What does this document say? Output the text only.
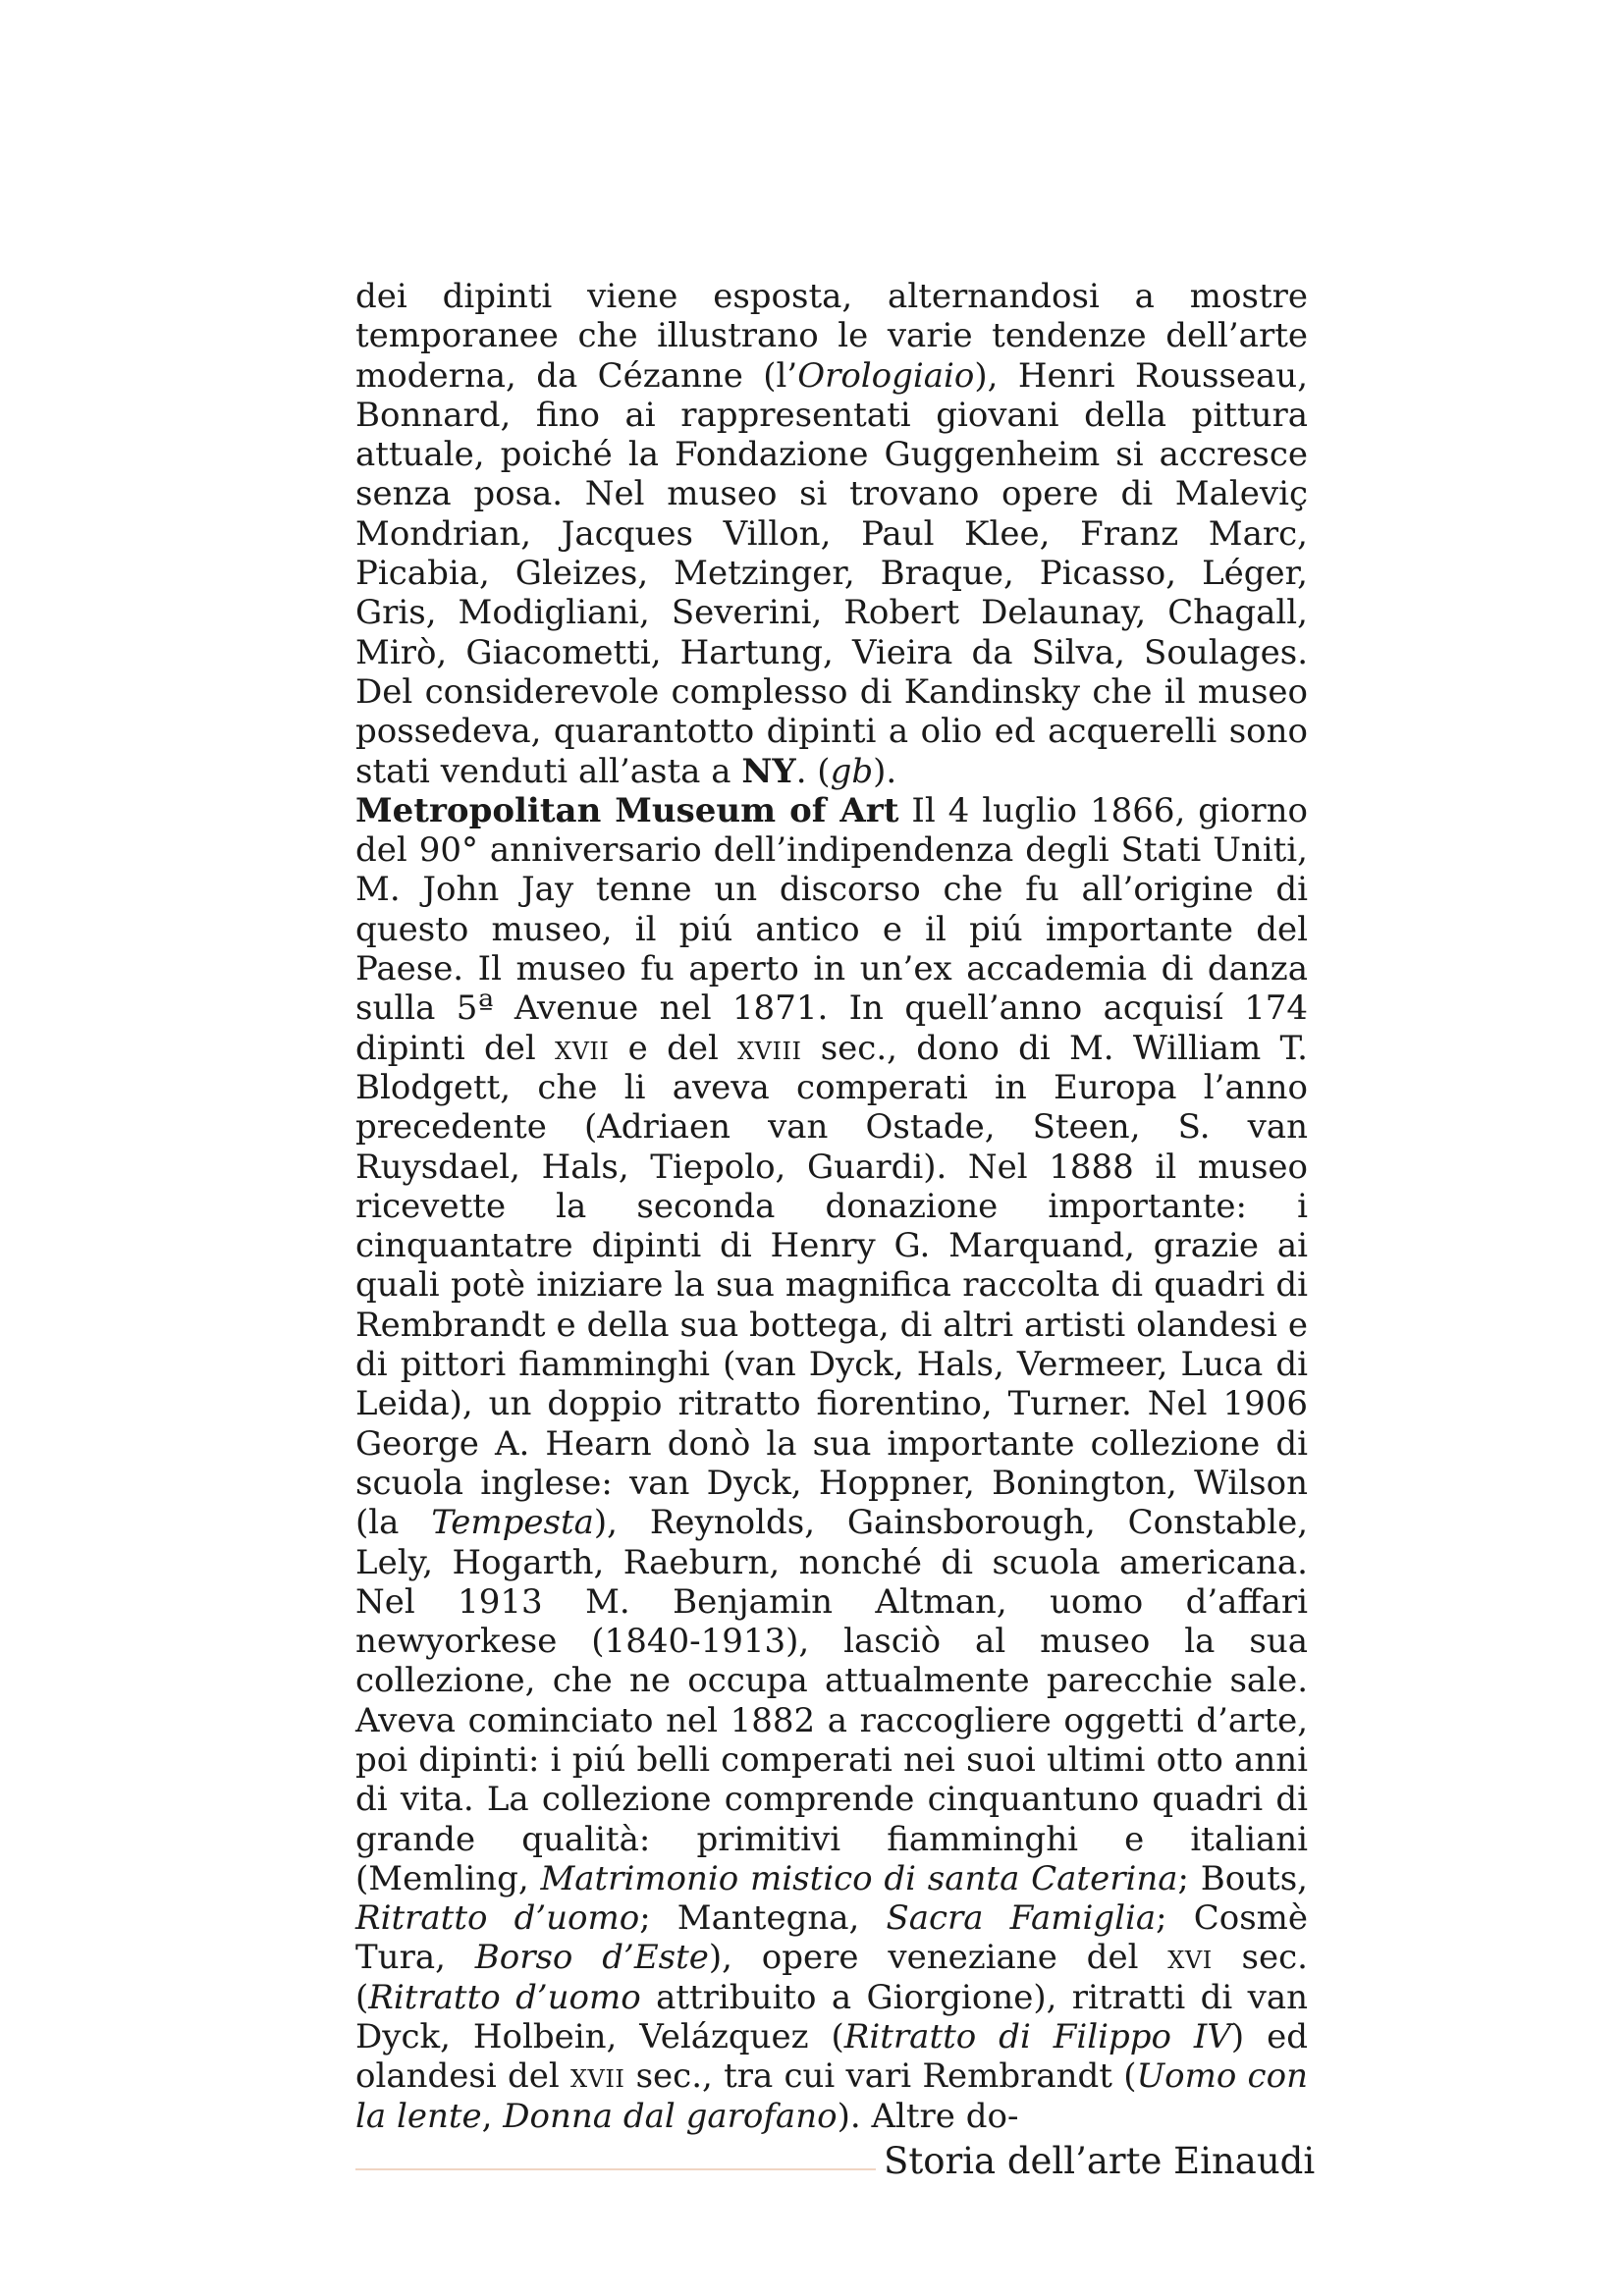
dei dipinti viene esposta, alternandosi a mostre temporanee che illustrano le varie tendenze dell’arte moderna, da Cézanne (l’Orologiaio), Henri Rousseau, Bonnard, fino ai rappresentati giovani della pittura attuale, poiché la Fondazione Guggenheim si accresce senza posa. Nel museo si trovano opere di Maleviç Mondrian, Jacques Villon, Paul Klee, Franz Marc, Picabia, Gleizes, Metzinger, Braque, Picasso, Léger, Gris, Modigliani, Severini, Robert Delaunay, Chagall, Mirò, Giacometti, Hartung, Vieira da Silva, Soulages. Del considerevole complesso di Kandinsky che il museo possedeva, quarantotto dipinti a olio ed acquerelli sono stati venduti all’asta a NY. (gb).

Metropolitan Museum of Art Il 4 luglio 1866, giorno del 90° anniversario dell’indipendenza degli Stati Uniti, M. John Jay tenne un discorso che fu all’origine di questo museo, il piú antico e il piú importante del Paese. Il museo fu aperto in un’ex accademia di danza sulla 5ª Avenue nel 1871. In quell’anno acquisí 174 dipinti del xvii e del xviii sec., dono di M. William T. Blodgett, che li aveva comperati in Europa l’anno precedente (Adriaen van Ostade, Steen, S. van Ruysdael, Hals, Tiepolo, Guardi). Nel 1888 il museo ricevette la seconda donazione importante: i cinquantatre dipinti di Henry G. Marquand, grazie ai quali potè iniziare la sua magnifica raccolta di quadri di Rembrandt e della sua bottega, di altri artisti olandesi e di pittori fiamminghi (van Dyck, Hals, Vermeer, Luca di Leida), un doppio ritratto fiorentino, Turner. Nel 1906 George A. Hearn donò la sua importante collezione di scuola inglese: van Dyck, Hoppner, Bonington, Wilson (la Tempesta), Reynolds, Gainsborough, Constable, Lely, Hogarth, Raeburn, nonché di scuola americana. Nel 1913 M. Benjamin Altman, uomo d’affari newyorkese (1840-1913), lasciò al museo la sua collezione, che ne occupa attualmente parecchie sale. Aveva cominciato nel 1882 a raccogliere oggetti d’arte, poi dipinti: i piú belli comperati nei suoi ultimi otto anni di vita. La collezione comprende cinquantuno quadri di grande qualità: primitivi fiamminghi e italiani (Memling, Matrimonio mistico di santa Caterina; Bouts, Ritratto d’uomo; Mantegna, Sacra Famiglia; Cosmè Tura, Borso d’Este), opere veneziane del xvi sec. (Ritratto d’uomo attribuito a Giorgione), ritratti di van Dyck, Holbein, Velázquez (Ritratto di Filippo IV) ed olandesi del xvii sec., tra cui vari Rembrandt (Uomo con la lente, Donna dal garofano). Altre do-

Storia dell’arte Einaudi
